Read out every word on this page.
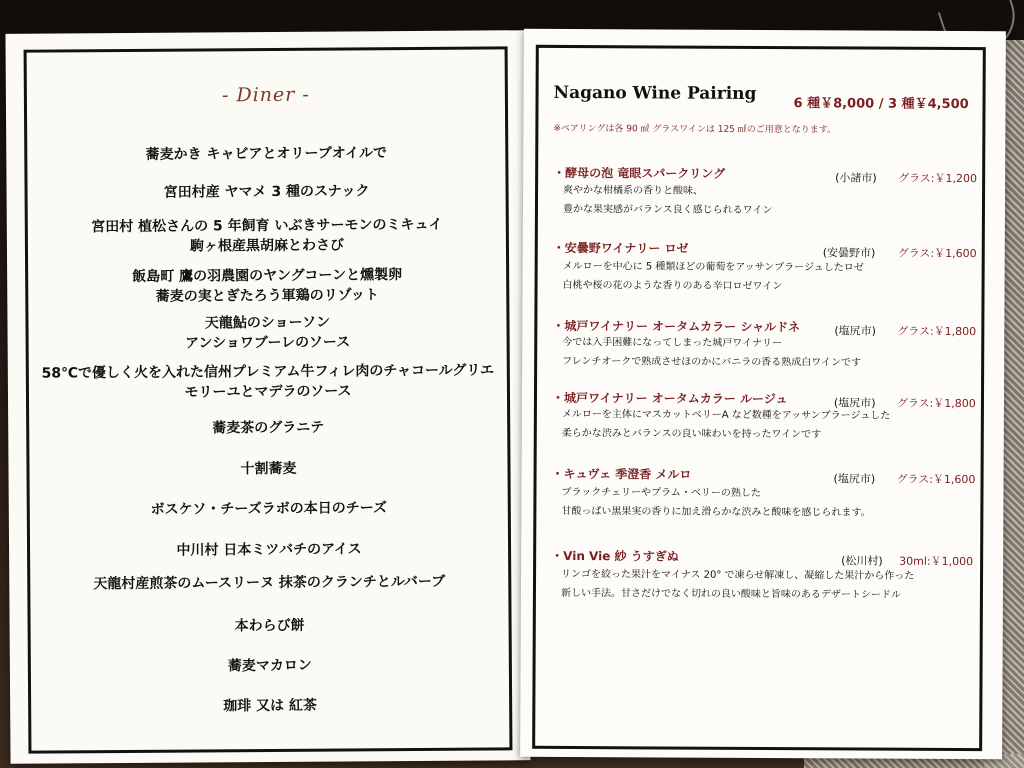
- Diner -
蕎麦かき キャビアとオリーブオイルで
宮田村産 ヤマメ 3 種のスナック
宮田村 植松さんの 5 年飼育 いぶきサーモンのミキュイ
駒ヶ根産黒胡麻とわさび
飯島町 鷹の羽農園のヤングコーンと燻製卵
蕎麦の実とぎたろう軍鶏のリゾット
天龍鮎のショーソン
アンショワブーレのソース
58℃で優しく火を入れた信州プレミアム牛フィレ肉のチャコールグリエ
モリーユとマデラのソース
蕎麦茶のグラニテ
十割蕎麦
ボスケソ・チーズラボの本日のチーズ
中川村 日本ミツバチのアイス
天龍村産煎茶のムースリーヌ 抹茶のクランチとルバーブ
本わらび餅
蕎麦マカロン
珈琲 又は 紅茶
Nagano Wine Pairing
6 種￥8,000 / 3 種￥4,500
※ペアリングは各 90 ㎖ グラスワインは 125 ㎖のご用意となります。
・酵母の泡 竜眼スパークリング	(小諸市) グラス:￥1,200
爽やかな柑橘系の香りと酸味、
豊かな果実感がバランス良く感じられるワイン
・安曇野ワイナリー ロゼ	(安曇野市) グラス:￥1,600
メルローを中心に 5 種類ほどの葡萄をアッサンブラージュしたロゼ
白桃や桜の花のような香りのある辛口ロゼワイン
・城戸ワイナリー オータムカラー シャルドネ	(塩尻市) グラス:￥1,800
今では入手困難になってしまった城戸ワイナリー
フレンチオークで熟成させほのかにバニラの香る熟成白ワインです
・城戸ワイナリー オータムカラー ルージュ	(塩尻市) グラス:￥1,800
メルローを主体にマスカットベリーA など数種をアッサンブラージュした
柔らかな渋みとバランスの良い味わいを持ったワインです
・キュヴェ 季澄香 メルロ	(塩尻市) グラス:￥1,600
ブラックチェリーやプラム・ベリーの熟した
甘酸っぱい黒果実の香りに加え滑らかな渋みと酸味を感じられます。
・Vin Vie 紗 うすぎぬ	(松川村) 30ml:￥1,000
リンゴを絞った果汁をマイナス 20° で凍らせ解凍し、凝縮した果汁から作った
新しい手法。甘さだけでなく切れの良い酸味と旨味のあるデザートシードル
